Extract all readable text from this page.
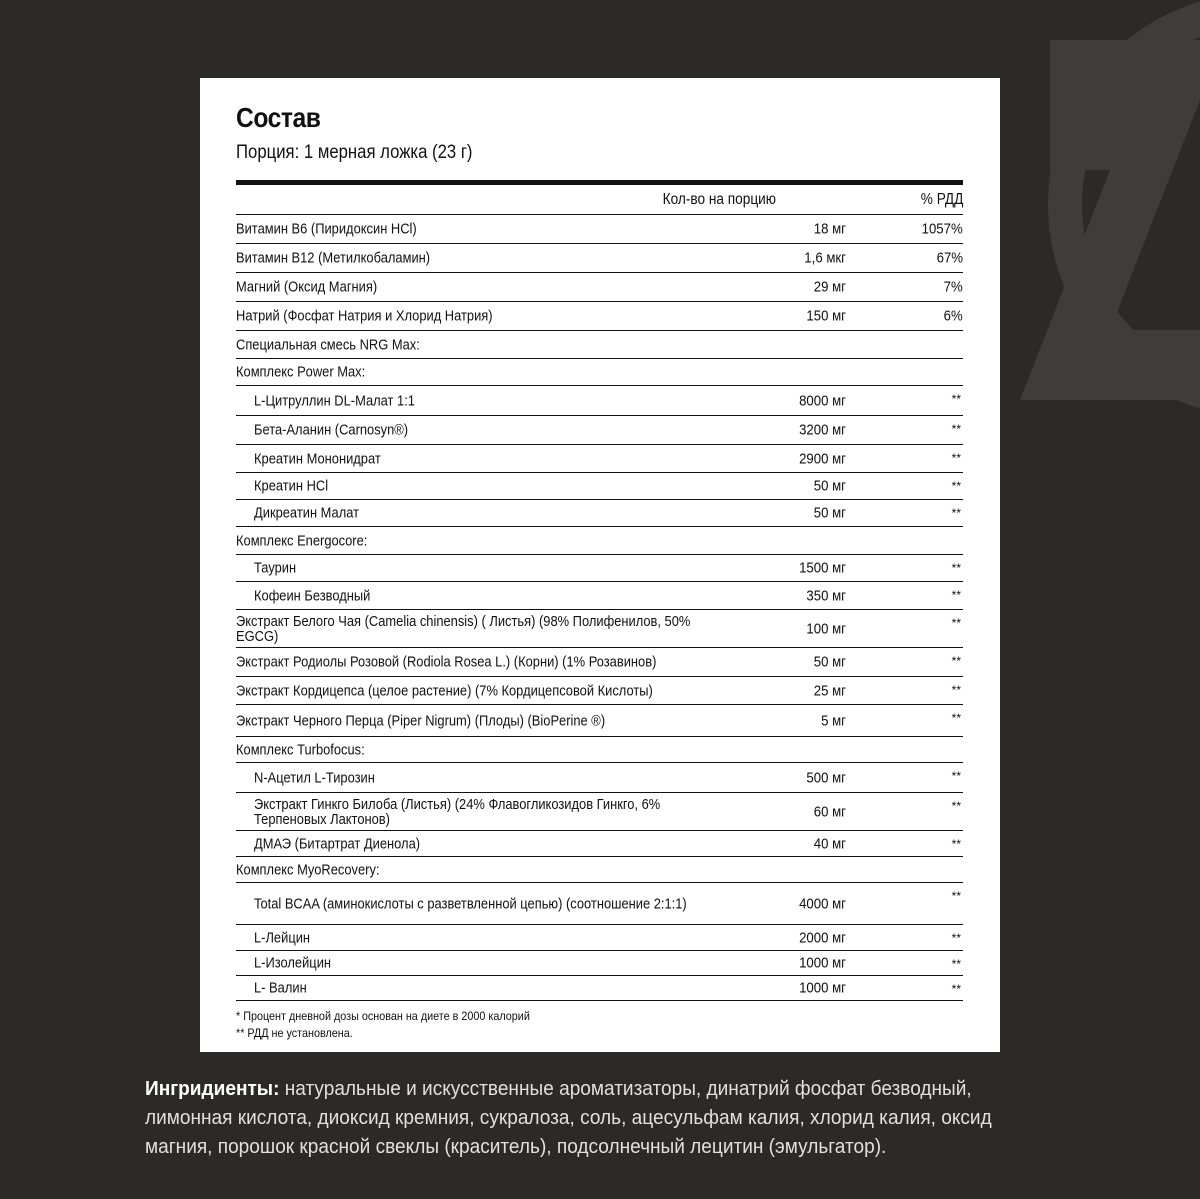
Состав
Порция: 1 мерная ложка (23 г)
Кол-во на порцию	% РДД
Витамин В6 (Пиридоксин HCl)	18 мг	1057%
Витамин В12 (Метилкобаламин)	1,6 мкг	67%
Магний (Оксид Магния)	29 мг	7%
Натрий (Фосфат Натрия и Хлорид Натрия)	150 мг	6%
Специальная смесь NRG Max:
Комплекс Power Max:
L-Цитруллин DL-Малат 1:1	8000 мг	**
Бета-Аланин (Carnosyn®)	3200 мг	**
Креатин Мононидрат	2900 мг	**
Креатин HCl	50 мг	**
Дикреатин Малат	50 мг	**
Комплекс Energocore:
Таурин	1500 мг	**
Кофеин Безводный	350 мг	**
Экстракт Белого Чая (Camelia chinensis) ( Листья) (98% Полифенилов, 50% EGCG)	100 мг	**
Экстракт Родиолы Розовой (Rodiola Rosea L.) (Корни) (1% Розавинов)	50 мг	**
Экстракт Кордицепса (целое растение) (7% Кордицепсовой Кислоты)	25 мг	**
Экстракт Черного Перца (Piper Nigrum) (Плоды) (BioPerine ®)	5 мг	**
Комплекс Turbofocus:
N-Ацетил L-Тирозин	500 мг	**
Экстракт Гинкго Билоба (Листья) (24% Флавогликозидов Гинкго, 6% Терпеновых Лактонов)	60 мг	**
ДМАЭ (Битартрат Диенола)	40 мг	**
Комплекс MyoRecovery:
Total BCAA (аминокислоты с разветвленной цепью) (соотношение 2:1:1)	4000 мг	**
L-Лейцин	2000 мг	**
L-Изолейцин	1000 мг	**
L- Валин	1000 мг	**
* Процент дневной дозы основан на диете в 2000 калорий
** РДД не установлена.
Ингридиенты: натуральные и искусственные ароматизаторы, динатрий фосфат безводный, лимонная кислота, диоксид кремния, сукралоза, соль, ацесульфам калия, хлорид калия, оксид магния, порошок красной свеклы (краситель), подсолнечный лецитин (эмульгатор).
